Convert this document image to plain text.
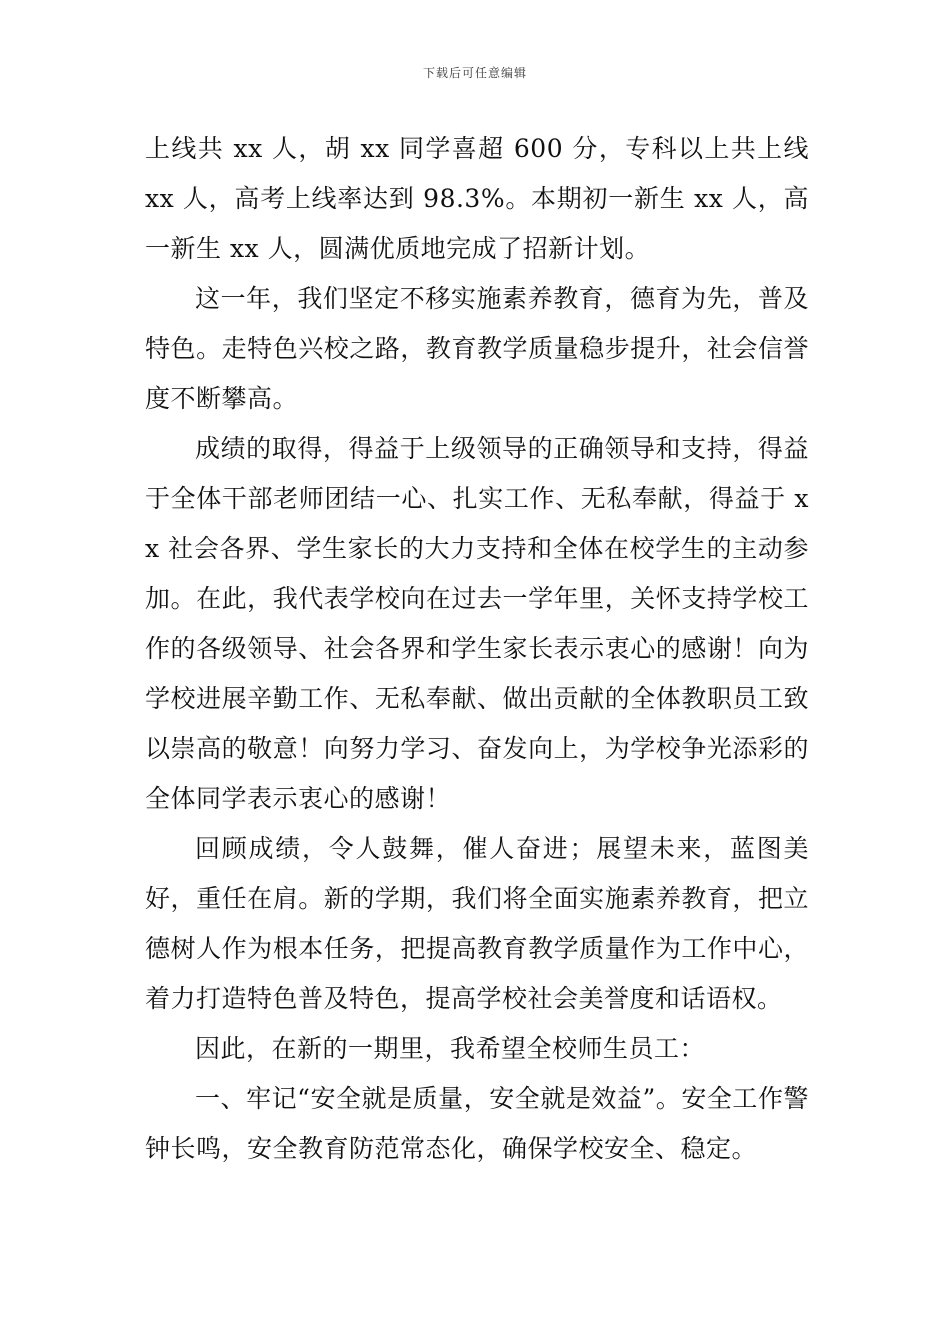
下载后可任意编辑

上线共 xx 人，胡 xx 同学喜超 600 分，专科以上共上线 xx 人，高考上线率达到 98.3%。本期初一新生 xx 人，高一新生 xx 人，圆满优质地完成了招新计划。

这一年，我们坚定不移实施素养教育，德育为先，普及特色。走特色兴校之路，教育教学质量稳步提升，社会信誉度不断攀高。

成绩的取得，得益于上级领导的正确领导和支持，得益于全体干部老师团结一心、扎实工作、无私奉献，得益于 xx 社会各界、学生家长的大力支持和全体在校学生的主动参加。在此，我代表学校向在过去一学年里，关怀支持学校工作的各级领导、社会各界和学生家长表示衷心的感谢！向为学校进展辛勤工作、无私奉献、做出贡献的全体教职员工致以崇高的敬意！向努力学习、奋发向上，为学校争光添彩的全体同学表示衷心的感谢！

回顾成绩，令人鼓舞，催人奋进；展望未来，蓝图美好，重任在肩。新的学期，我们将全面实施素养教育，把立德树人作为根本任务，把提高教育教学质量作为工作中心，着力打造特色普及特色，提高学校社会美誉度和话语权。

因此，在新的一期里，我希望全校师生员工：

一、牢记“安全就是质量，安全就是效益”。安全工作警钟长鸣，安全教育防范常态化，确保学校安全、稳定。
